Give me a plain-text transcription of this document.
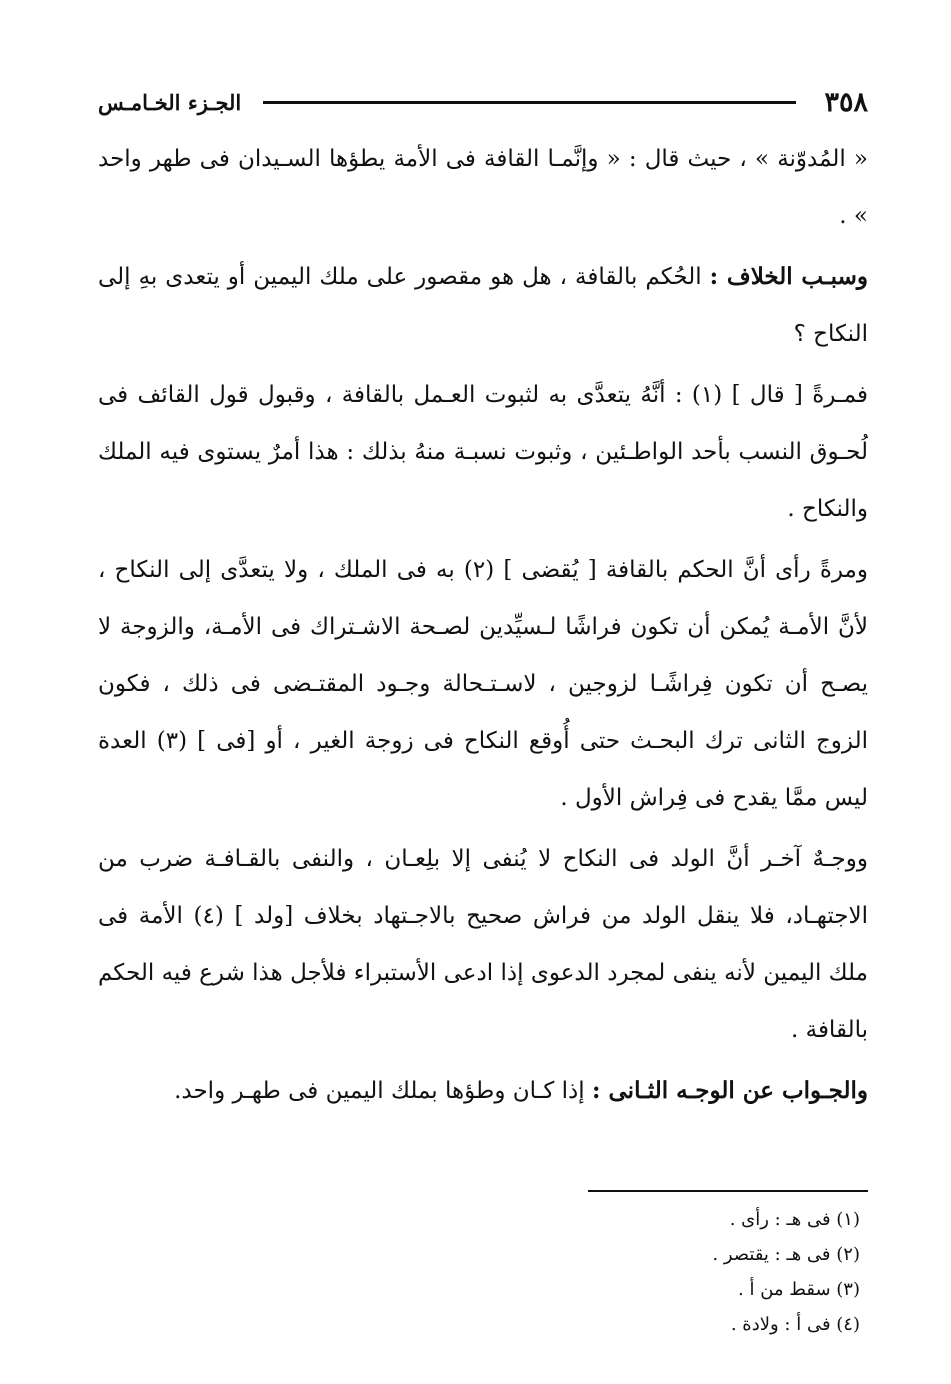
٣٥٨
الجـزء الخـامـس

« المُدوّنة » ، حيث قال : « وإنَّمـا القافة فى الأمة يطؤها السـيدان فى طهر واحد » .

وسبـب الخلاف : الحُكم بالقافة ، هل هو مقصور على ملك اليمين أو يتعدى بهِ إلى النكاح ؟

فمـرةً [ قال ] (١) : أنَّهُ يتعدَّى به لثبوت العـمل بالقافة ، وقبول قول القائف فى لُحـوق النسب بأحد الواطـئين ، وثبوت نسبـة منهُ بذلك : هذا أمرٌ يستوى فيه الملك والنكاح .

ومرةً رأى أنَّ الحكم بالقافة [ يُقضى ] (٢) به فى الملك ، ولا يتعدَّى إلى النكاح ، لأنَّ الأمـة يُمكن أن تكون فراشًا لـسيِّدين لصـحة الاشـتراك فى الأمـة، والزوجة لا يصـح أن تكون فِراشًـا لزوجين ، لاسـتـحالة وجـود المقتـضى فى ذلك ، فكون الزوج الثانى ترك البحـث حتى أُوقع النكاح فى زوجة الغير ، أو [فى ] (٣) العدة ليس ممَّا يقدح فى فِراش الأول .

ووجـهٌ آخـر أنَّ الولد فى النكاح لا يُنفى إلا بلِعـان ، والنفى بالقـافـة ضرب من الاجتهـاد، فلا ينقل الولد من فراش صحيح بالاجـتهاد بخلاف [ولد ] (٤) الأمة فى ملك اليمين لأنه ينفى لمجرد الدعوى إذا ادعى الأستبراء فلأجل هذا شرع فيه الحكم بالقافة .

والجـواب عن الوجـه الثـانى : إذا كـان وطؤها بملك اليمين فى طهـر واحد.

(١) فى هـ : رأى .

(٢) فى هـ : يقتصر .

(٣) سقط من أ .

(٤) فى أ : ولادة .
